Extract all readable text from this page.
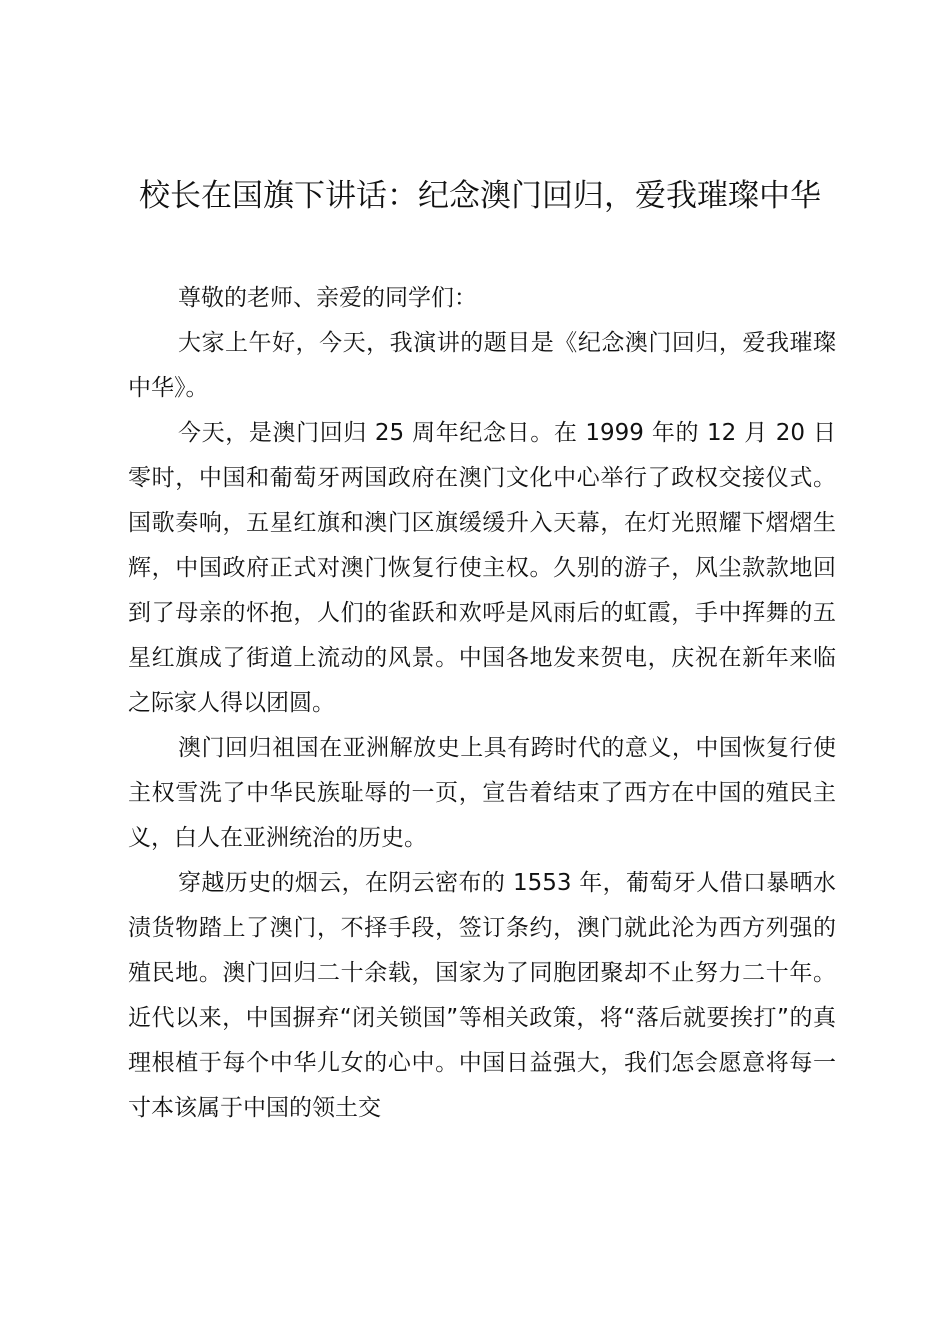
校长在国旗下讲话：纪念澳门回归，爱我璀璨中华

尊敬的老师、亲爱的同学们：

大家上午好，今天，我演讲的题目是《纪念澳门回归，爱我璀璨中华》。

今天，是澳门回归 25 周年纪念日。在 1999 年的 12 月 20 日零时，中国和葡萄牙两国政府在澳门文化中心举行了政权交接仪式。国歌奏响，五星红旗和澳门区旗缓缓升入天幕，在灯光照耀下熠熠生辉，中国政府正式对澳门恢复行使主权。久别的游子，风尘款款地回到了母亲的怀抱，人们的雀跃和欢呼是风雨后的虹霞，手中挥舞的五星红旗成了街道上流动的风景。中国各地发来贺电，庆祝在新年来临之际家人得以团圆。

澳门回归祖国在亚洲解放史上具有跨时代的意义，中国恢复行使主权雪洗了中华民族耻辱的一页，宣告着结束了西方在中国的殖民主义，白人在亚洲统治的历史。

穿越历史的烟云，在阴云密布的 1553 年，葡萄牙人借口暴晒水渍货物踏上了澳门，不择手段，签订条约，澳门就此沦为西方列强的殖民地。澳门回归二十余载，国家为了同胞团聚却不止努力二十年。近代以来，中国摒弃“闭关锁国”等相关政策，将“落后就要挨打”的真理根植于每个中华儿女的心中。中国日益强大，我们怎会愿意将每一寸本该属于中国的领土交
